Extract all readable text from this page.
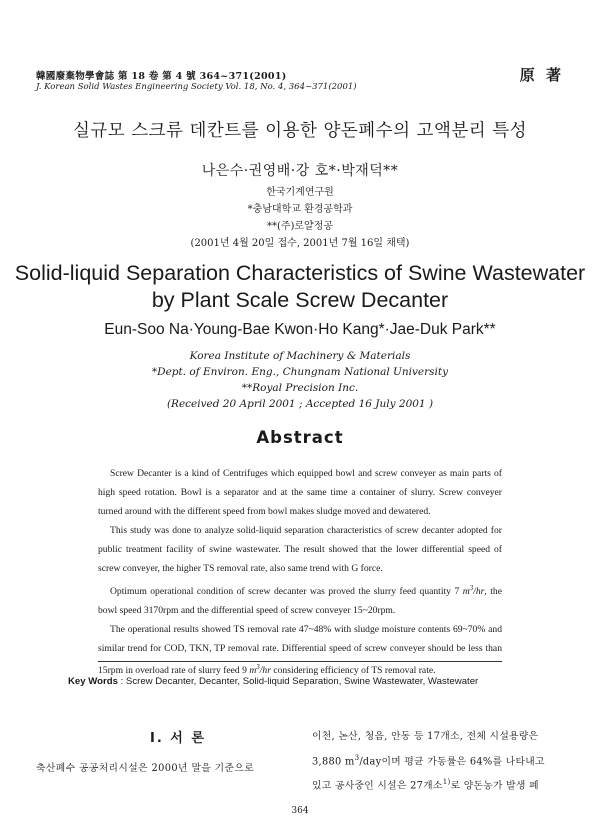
韓國廢棄物學會誌 第 18 卷 第 4 號 364~371(2001)
J. Korean Solid Wastes Engineering Society Vol. 18, No. 4, 364~371(2001)
原 著
실규모 스크류 데칸트를 이용한 양돈폐수의 고액분리 특성
나은수·권영배·강 호*·박재덕**
한국기계연구원
*충남대학교 환경공학과
**(주)로얄정공
(2001년 4월 20일 접수, 2001년 7월 16일 채택)
Solid-liquid Separation Characteristics of Swine Wastewater
by Plant Scale Screw Decanter
Eun-Soo Na·Young-Bae Kwon·Ho Kang*·Jae-Duk Park**
Korea Institute of Machinery & Materials
*Dept. of Environ. Eng., Chungnam National University
**Royal Precision Inc.
(Received 20 April 2001 ; Accepted 16 July 2001 )
Abstract

Screw Decanter is a kind of Centrifuges which equipped bowl and screw conveyer as main parts of high speed rotation. Bowl is a separator and at the same time a container of slurry. Screw conveyer turned around with the different speed from bowl makes sludge moved and dewatered.

This study was done to analyze solid-liquid separation characteristics of screw decanter adopted for public treatment facility of swine wastewater. The result showed that the lower differential speed of screw conveyer, the higher TS removal rate, also same trend with G force.

Optimum operational condition of screw decanter was proved the slurry feed quantity 7 $m^3/hr$, the bowl speed 3170rpm and the differential speed of screw conveyer 15~20rpm.

The operational results showed TS removal rate 47~48% with sludge moisture contents 69~70% and similar trend for COD, TKN, TP removal rate. Differential speed of screw conveyer should be less than 15rpm in overload rate of slurry feed 9 $m^3/hr$ considering efficiency of TS removal rate.

Key Words : Screw Decanter, Decanter, Solid-liquid Separation, Swine Wastewater, Wastewater
Ⅰ. 서 론
축산폐수 공공처리시설은 2000년 말을 기준으로
이천, 논산, 청음, 안동 등 17개소, 전체 시설용량은
3,880 $m^3$/day이며 평균 가동률은 64%를 나타내고
있고 공사중인 시설은 27개소$^{1)}$로 양돈농가 발생 폐
364
